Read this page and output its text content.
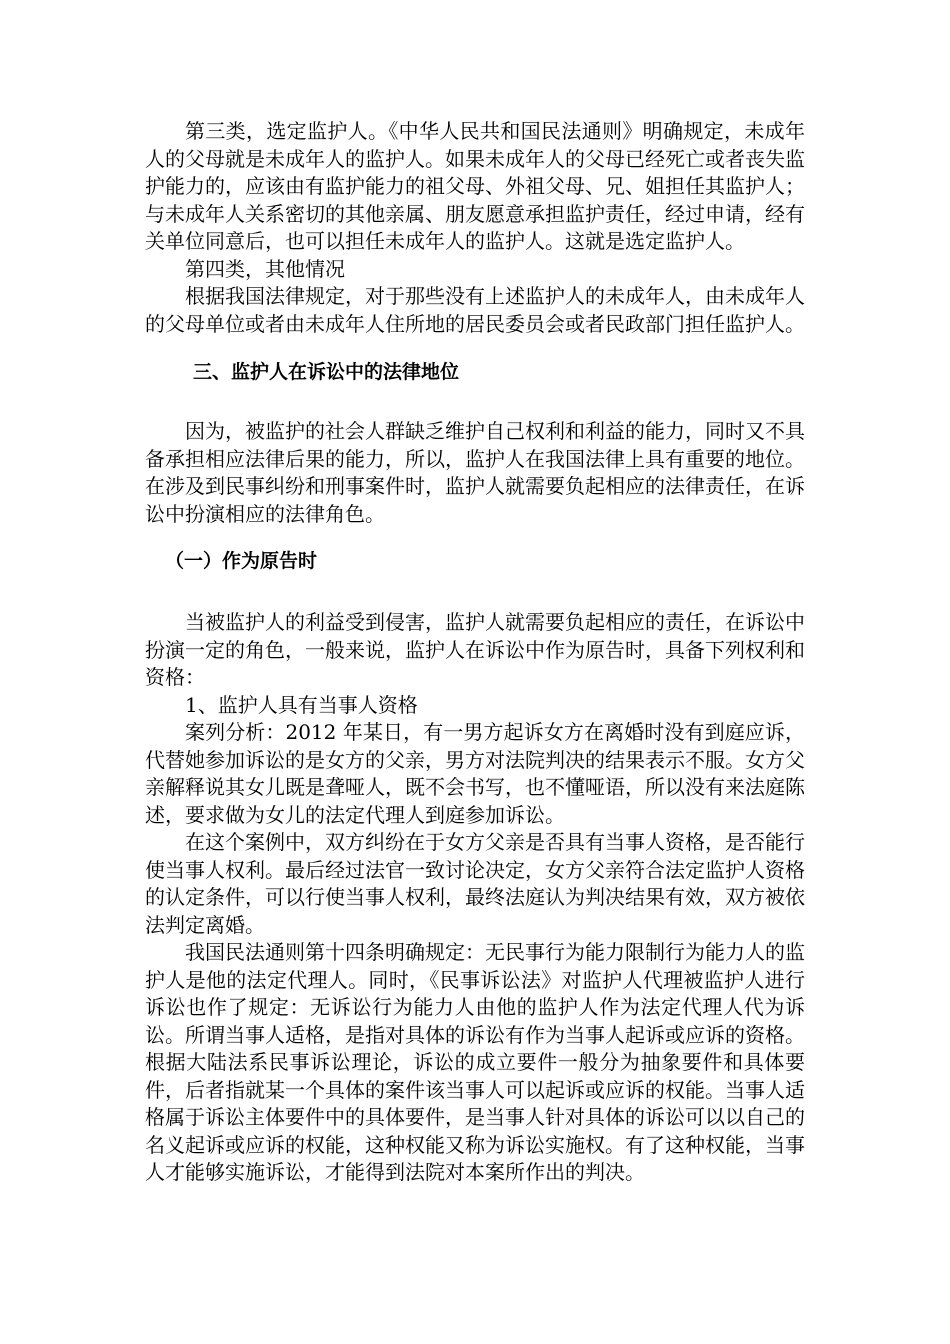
第三类，选定监护人。《中华人民共和国民法通则》明确规定，未成年人的父母就是未成年人的监护人。如果未成年人的父母已经死亡或者丧失监护能力的，应该由有监护能力的祖父母、外祖父母、兄、姐担任其监护人；与未成年人关系密切的其他亲属、朋友愿意承担监护责任，经过申请，经有关单位同意后，也可以担任未成年人的监护人。这就是选定监护人。

第四类，其他情况

根据我国法律规定，对于那些没有上述监护人的未成年人，由未成年人的父母单位或者由未成年人住所地的居民委员会或者民政部门担任监护人。

三、监护人在诉讼中的法律地位

因为，被监护的社会人群缺乏维护自己权利和利益的能力，同时又不具备承担相应法律后果的能力，所以，监护人在我国法律上具有重要的地位。在涉及到民事纠纷和刑事案件时，监护人就需要负起相应的法律责任，在诉讼中扮演相应的法律角色。

（一）作为原告时

当被监护人的利益受到侵害，监护人就需要负起相应的责任，在诉讼中扮演一定的角色，一般来说，监护人在诉讼中作为原告时，具备下列权利和资格：

1、监护人具有当事人资格

案列分析：2012 年某日，有一男方起诉女方在离婚时没有到庭应诉，代替她参加诉讼的是女方的父亲，男方对法院判决的结果表示不服。女方父亲解释说其女儿既是聋哑人，既不会书写，也不懂哑语，所以没有来法庭陈述，要求做为女儿的法定代理人到庭参加诉讼。

在这个案例中，双方纠纷在于女方父亲是否具有当事人资格，是否能行使当事人权利。最后经过法官一致讨论决定，女方父亲符合法定监护人资格的认定条件，可以行使当事人权利，最终法庭认为判决结果有效，双方被依法判定离婚。

我国民法通则第十四条明确规定：无民事行为能力限制行为能力人的监护人是他的法定代理人。同时，《民事诉讼法》对监护人代理被监护人进行诉讼也作了规定：无诉讼行为能力人由他的监护人作为法定代理人代为诉讼。所谓当事人适格，是指对具体的诉讼有作为当事人起诉或应诉的资格。根据大陆法系民事诉讼理论，诉讼的成立要件一般分为抽象要件和具体要件，后者指就某一个具体的案件该当事人可以起诉或应诉的权能。当事人适格属于诉讼主体要件中的具体要件，是当事人针对具体的诉讼可以以自己的名义起诉或应诉的权能，这种权能又称为诉讼实施权。有了这种权能，当事人才能够实施诉讼，才能得到法院对本案所作出的判决。
